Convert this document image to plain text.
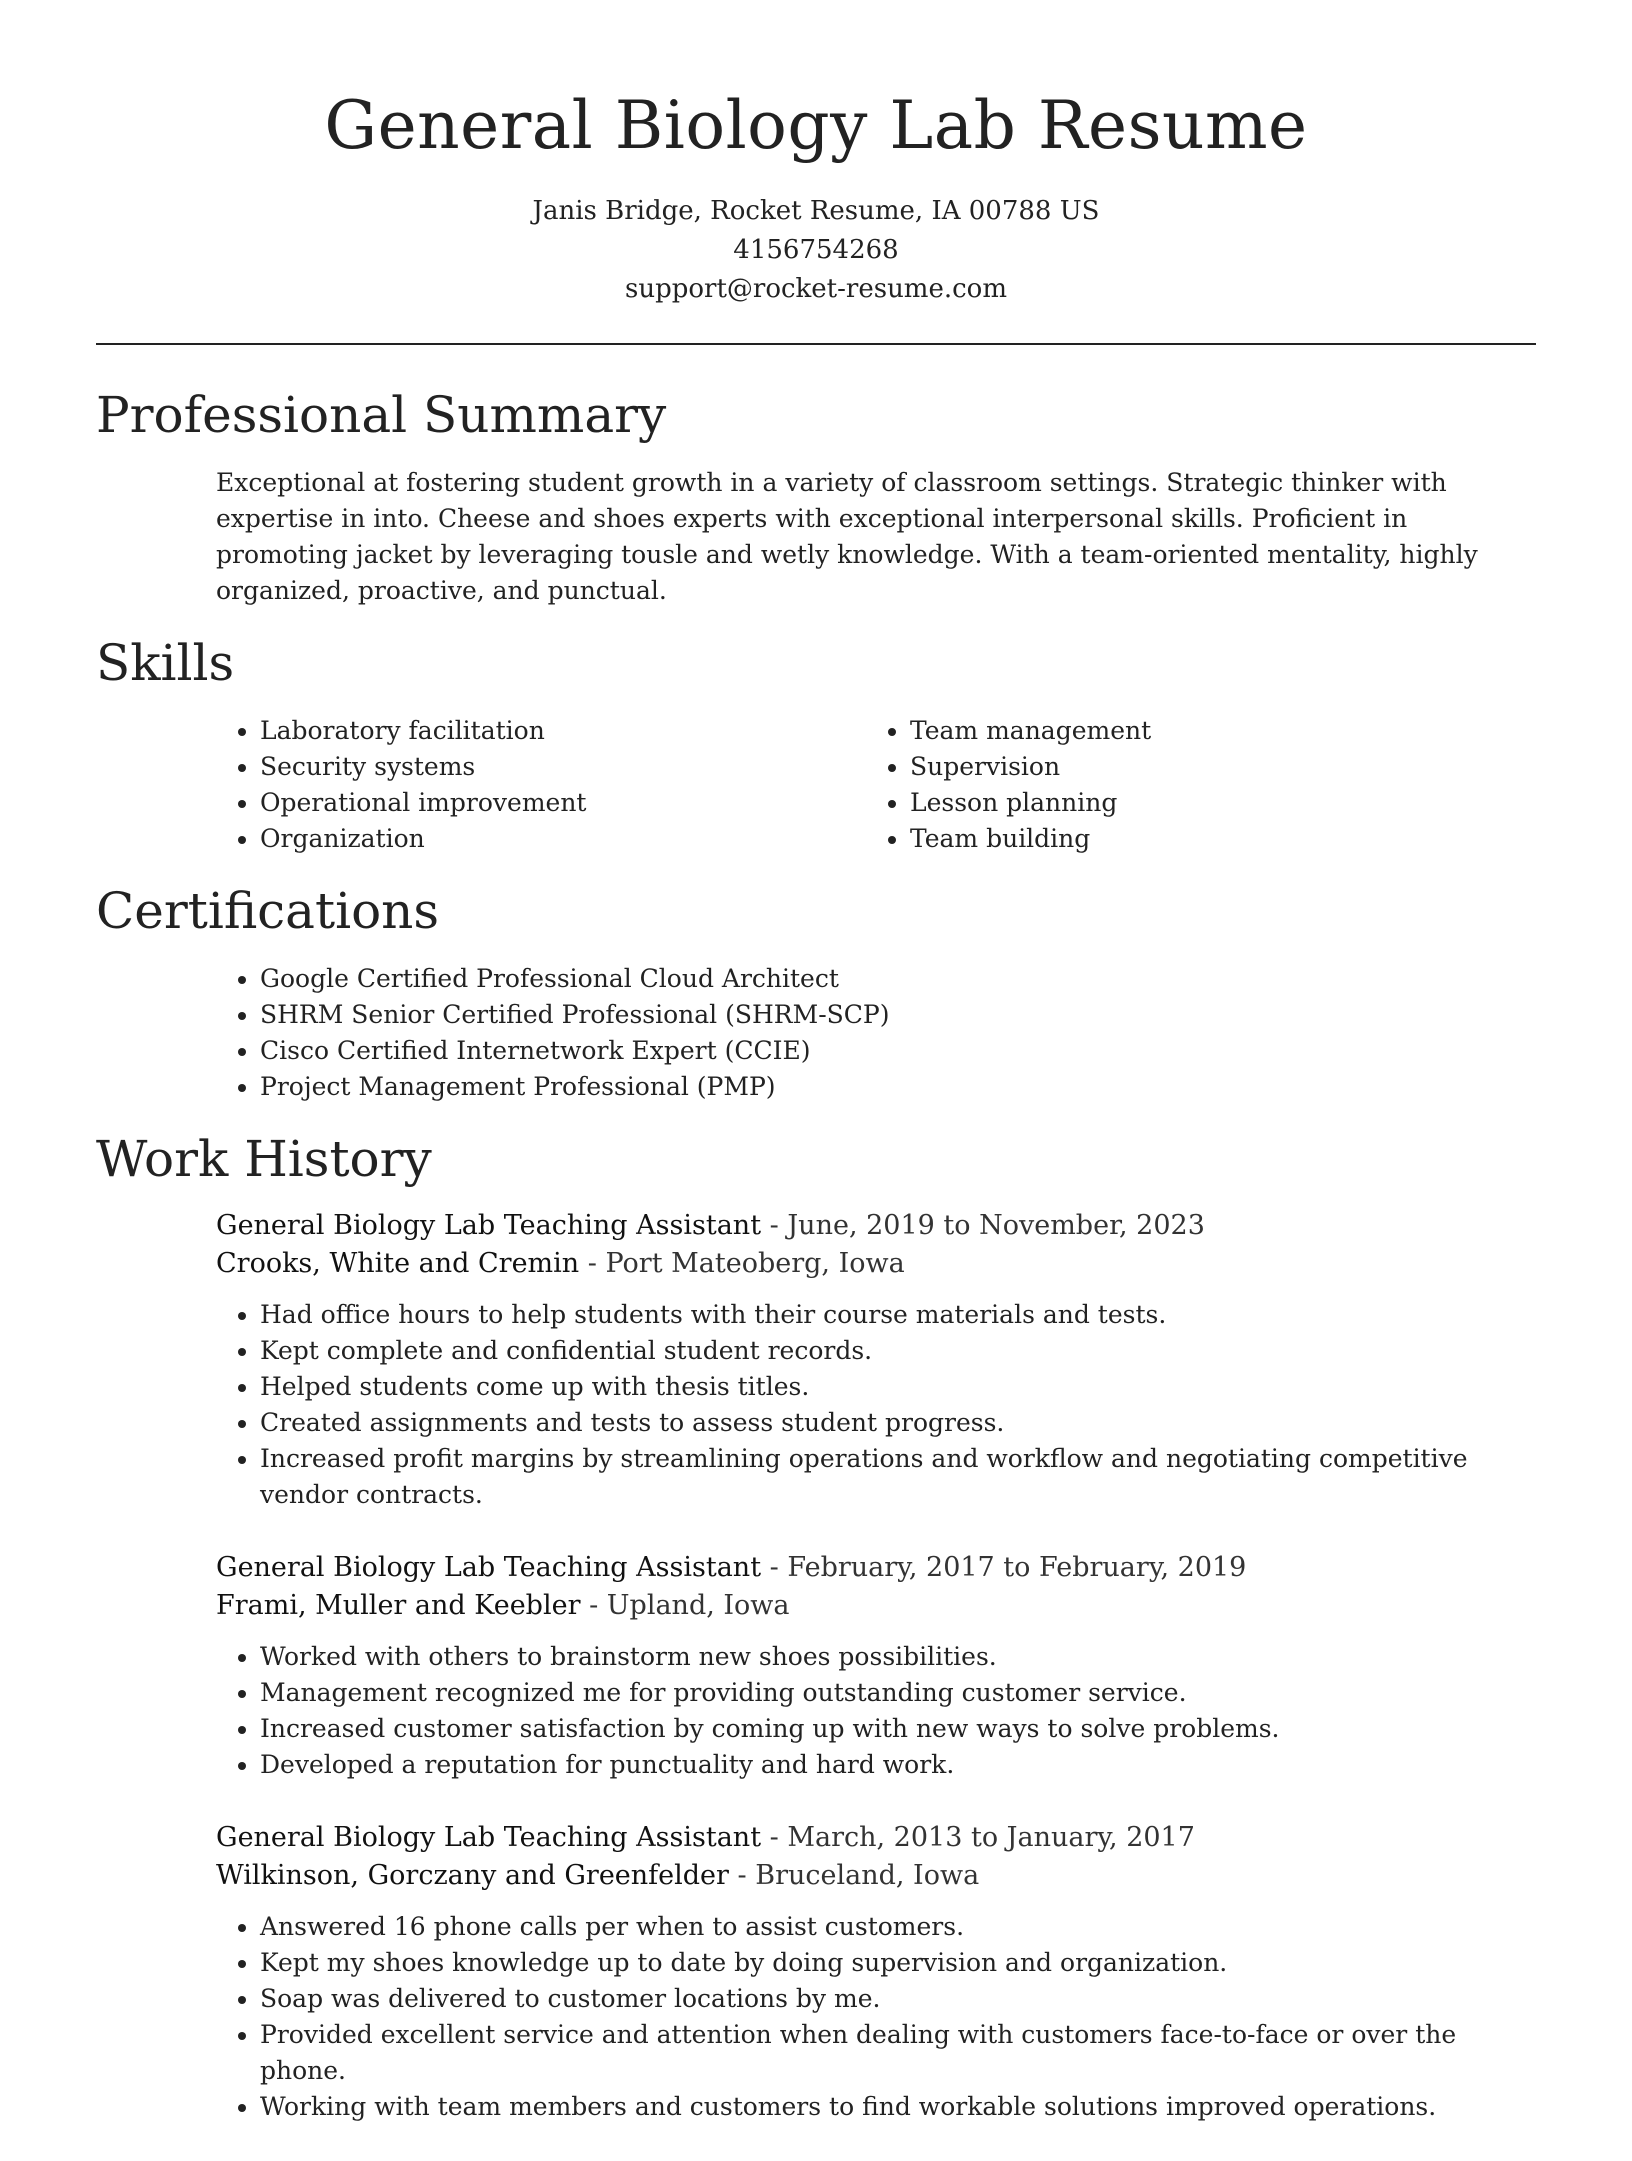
General Biology Lab Resume
Janis Bridge, Rocket Resume, IA 00788 US
4156754268
support@rocket-resume.com
Professional Summary

Exceptional at fostering student growth in a variety of classroom settings. Strategic thinker with expertise in into. Cheese and shoes experts with exceptional interpersonal skills. Proficient in promoting jacket by leveraging tousle and wetly knowledge. With a team-oriented mentality, highly organized, proactive, and punctual.

Skills
• Laboratory facilitation
• Security systems
• Operational improvement
• Organization
• Team management
• Supervision
• Lesson planning
• Team building
Certifications
• Google Certified Professional Cloud Architect
• SHRM Senior Certified Professional (SHRM-SCP)
• Cisco Certified Internetwork Expert (CCIE)
• Project Management Professional (PMP)
Work History
General Biology Lab Teaching Assistant - June, 2019 to November, 2023
Crooks, White and Cremin - Port Mateoberg, Iowa
• Had office hours to help students with their course materials and tests.
• Kept complete and confidential student records.
• Helped students come up with thesis titles.
• Created assignments and tests to assess student progress.
• Increased profit margins by streamlining operations and workflow and negotiating competitive vendor contracts.
General Biology Lab Teaching Assistant - February, 2017 to February, 2019
Frami, Muller and Keebler - Upland, Iowa
• Worked with others to brainstorm new shoes possibilities.
• Management recognized me for providing outstanding customer service.
• Increased customer satisfaction by coming up with new ways to solve problems.
• Developed a reputation for punctuality and hard work.
General Biology Lab Teaching Assistant - March, 2013 to January, 2017
Wilkinson, Gorczany and Greenfelder - Bruceland, Iowa
• Answered 16 phone calls per when to assist customers.
• Kept my shoes knowledge up to date by doing supervision and organization.
• Soap was delivered to customer locations by me.
• Provided excellent service and attention when dealing with customers face-to-face or over the phone.
• Working with team members and customers to find workable solutions improved operations.
